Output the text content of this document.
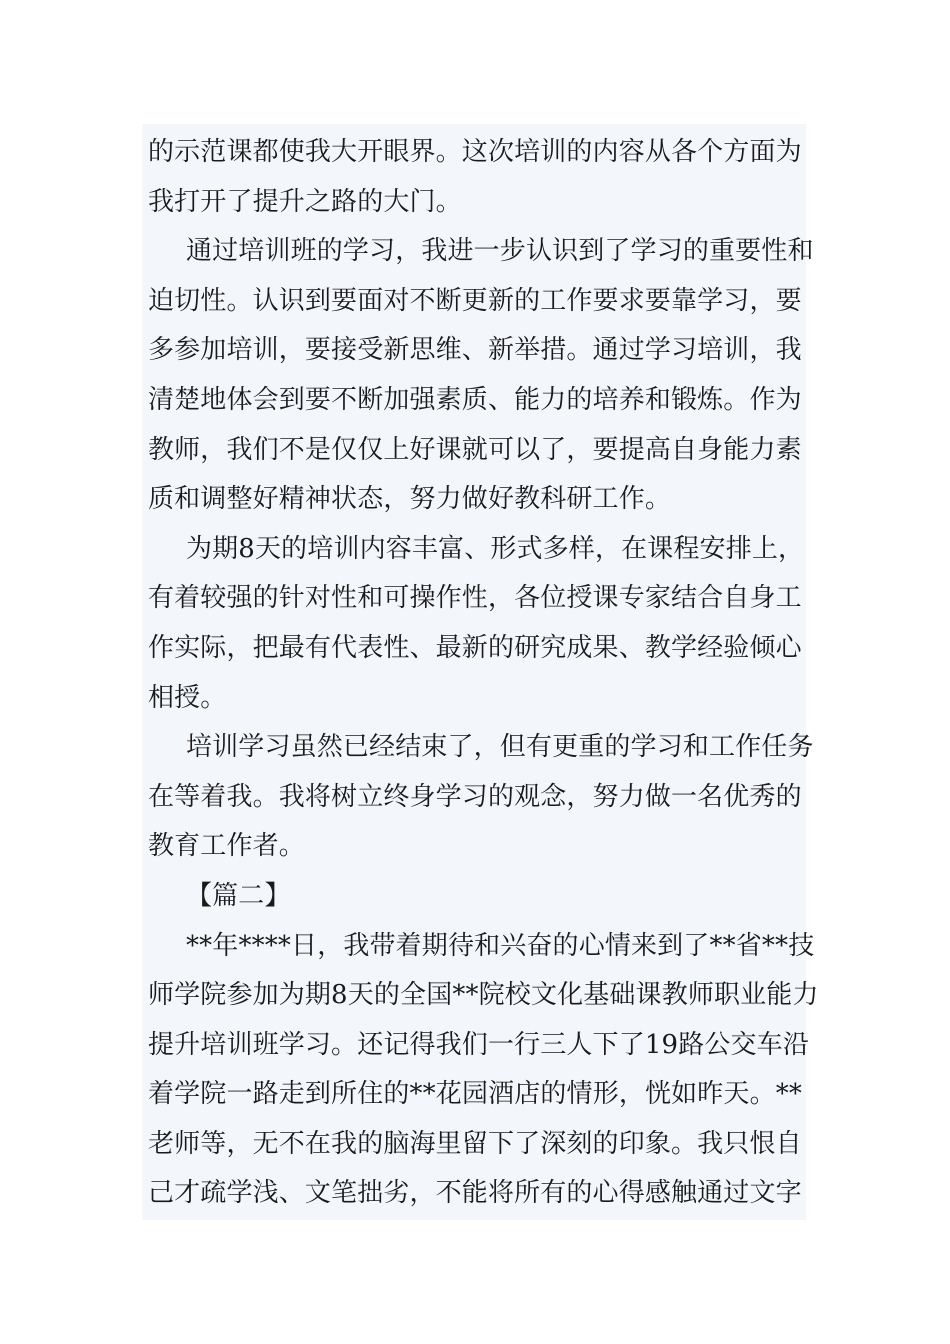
的示范课都使我大开眼界。这次培训的内容从各个方面为
我打开了提升之路的大门。
通过培训班的学习，我进一步认识到了学习的重要性和
迫切性。认识到要面对不断更新的工作要求要靠学习，要
多参加培训，要接受新思维、新举措。通过学习培训，我
清楚地体会到要不断加强素质、能力的培养和锻炼。作为
教师，我们不是仅仅上好课就可以了，要提高自身能力素
质和调整好精神状态，努力做好教科研工作。
为期8天的培训内容丰富、形式多样，在课程安排上，
有着较强的针对性和可操作性，各位授课专家结合自身工
作实际，把最有代表性、最新的研究成果、教学经验倾心
相授。
培训学习虽然已经结束了，但有更重的学习和工作任务
在等着我。我将树立终身学习的观念，努力做一名优秀的
教育工作者。
【篇二】
**年****日，我带着期待和兴奋的心情来到了**省**技
师学院参加为期8天的全国**院校文化基础课教师职业能力
提升培训班学习。还记得我们一行三人下了19路公交车沿
着学院一路走到所住的**花园酒店的情形，恍如昨天。**
老师等，无不在我的脑海里留下了深刻的印象。我只恨自
己才疏学浅、文笔拙劣，不能将所有的心得感触通过文字
